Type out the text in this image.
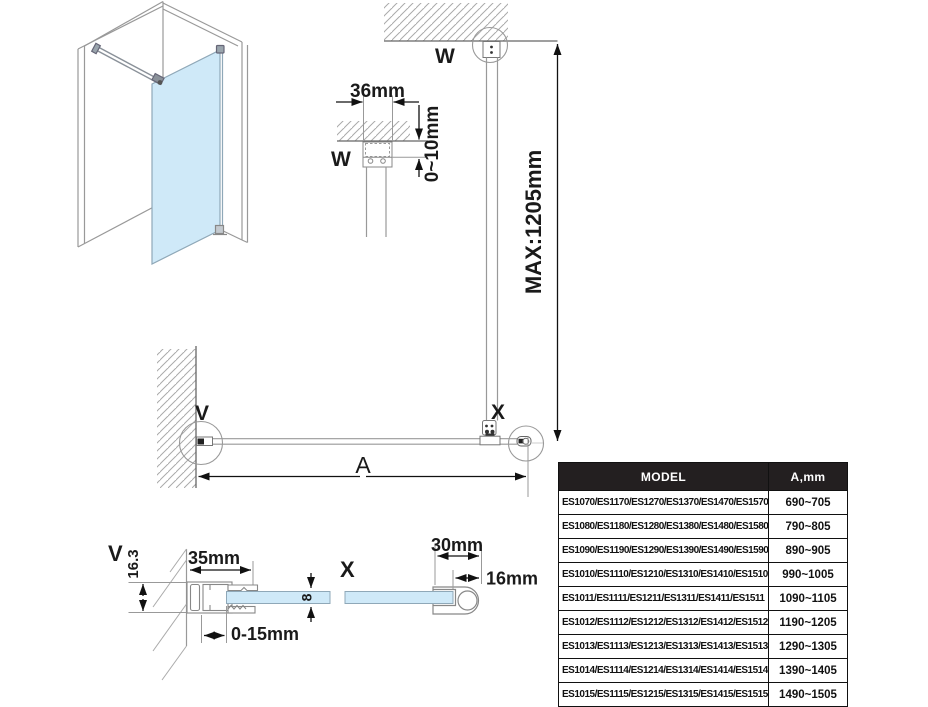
36mm
0~10mm
W	MAX:1205mm
W
V	X
A
V 16.3	35mm
8
0-15mm
X
30mm
16mm
MODEL	A,mm
ES1070/ES1170/ES1270/ES1370/ES1470/ES1570	690~705
ES1080/ES1180/ES1280/ES1380/ES1480/ES1580	790~805
ES1090/ES1190/ES1290/ES1390/ES1490/ES1590	890~905
ES1010/ES1110/ES1210/ES1310/ES1410/ES1510	990~1005
ES1011/ES1111/ES1211/ES1311/ES1411/ES1511	1090~1105
ES1012/ES1112/ES1212/ES1312/ES1412/ES1512	1190~1205
ES1013/ES1113/ES1213/ES1313/ES1413/ES1513	1290~1305
ES1014/ES1114/ES1214/ES1314/ES1414/ES1514	1390~1405
ES1015/ES1115/ES1215/ES1315/ES1415/ES1515	1490~1505
